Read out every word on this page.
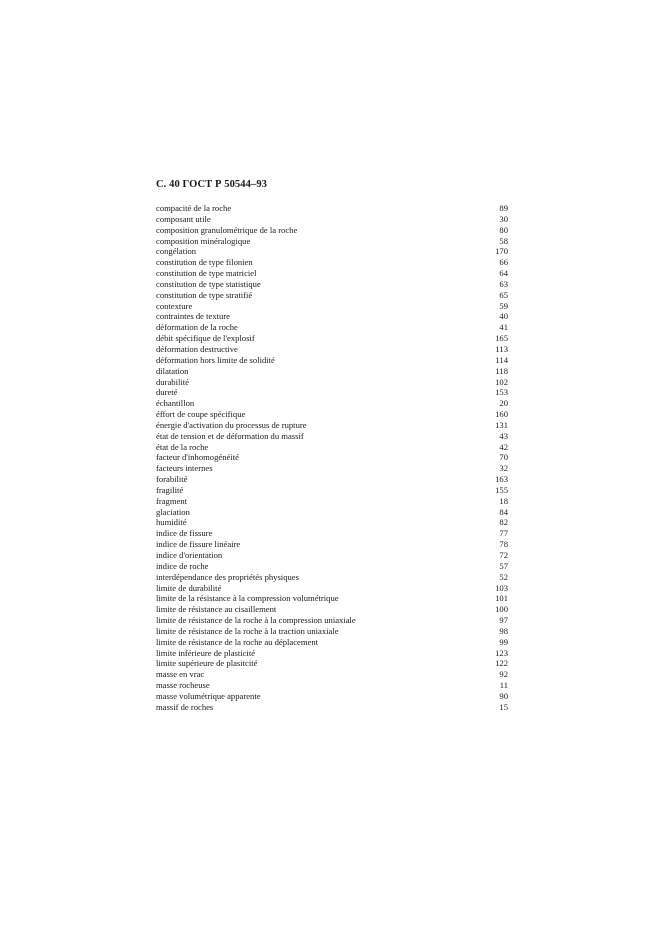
С. 40 ГОСТ Р 50544–93
compacité de la roche	89
composant utile	30
composition granulométrique de la roche	80
composition minéralogique	58
congélation	170
constitution de type filonien	66
constitution de type matriciel	64
constitution de type statistique	63
constitution de type stratifié	65
contexture	59
contraintes de texture	40
déformation de la roche	41
débit spécifique de l'explosif	165
déformation destructive	113
déformation hors limite de solidité	114
dilatation	118
durabilité	102
dureté	153
échantillon	20
éffort de coupe spécifique	160
énergie d'activation du processus de rupture	131
état de tension et de déformation du massif	43
état de la roche	42
facteur d'inhomogénéité	70
facteurs internes	32
forabilité	163
fragilité	155
fragment	18
glaciation	84
humidité	82
indice de fissure	77
indice de fissure linéaire	78
indice d'orientation	72
indice de roche	57
interdépendance des propriétés physiques	52
limite de durabilité	103
limite de la résistance à la compression volumétrique	101
limite de résistance au cisaillement	100
limite de résistance de la roche à la compression uniaxiale	97
limite de résistance de la roche à la traction uniaxiale	98
limite de résistance de la roche au déplacement	99
limite inférieure de plasticité	123
limite supérieure de plasitcité	122
masse en vrac	92
masse rocheuse	11
masse volumétrique apparente	90
massif de roches	15
